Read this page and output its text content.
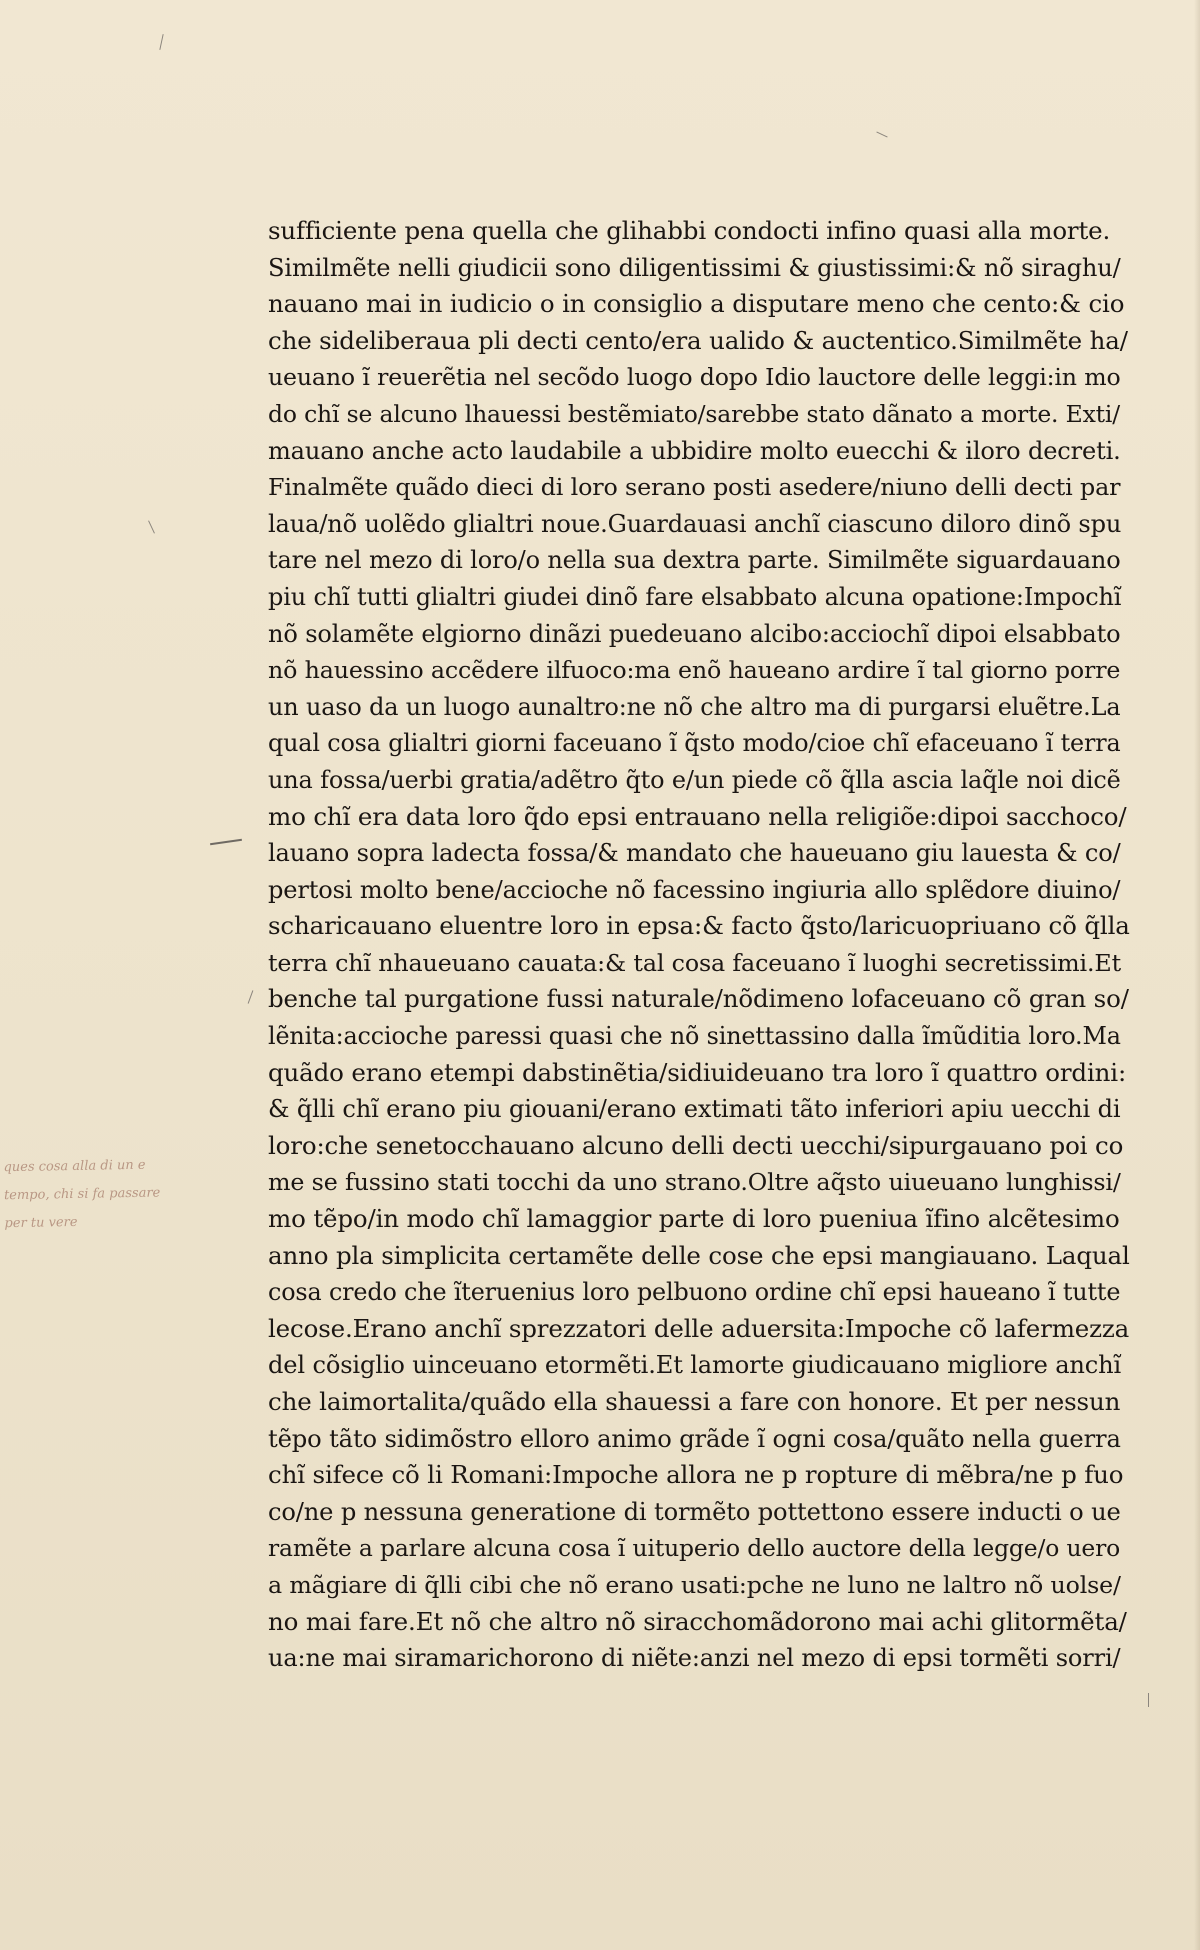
sufficiente pena quella che glihabbi condocti infino quasi alla morte.
Similmẽte nelli giudicii sono diligentissimi & giustissimi:& nõ siraghu/
nauano mai in iudicio o in consiglio a disputare meno che cento:& cio
che sideliberaua pli decti cento/era ualido & auctentico.Similmẽte ha/
ueuano ĩ reuerẽtia nel secõdo luogo dopo Idio lauctore delle leggi:in mo
do chĩ se alcuno lhauessi bestẽmiato/sarebbe stato dãnato a morte. Exti/
mauano anche acto laudabile a ubbidire molto euecchi & iloro decreti.
Finalmẽte quãdo dieci di loro serano posti asedere/niuno delli decti par
laua/nõ uolẽdo glialtri noue.Guardauasi anchĩ ciascuno diloro dinõ spu
tare nel mezo di loro/o nella sua dextra parte. Similmẽte siguardauano
piu chĩ tutti glialtri giudei dinõ fare elsabbato alcuna opatione:Impochĩ
nõ solamẽte elgiorno dinãzi puedeuano alcibo:acciochĩ dipoi elsabbato
nõ hauessino accẽdere ilfuoco:ma enõ haueano ardire ĩ tal giorno porre
un uaso da un luogo aunaltro:ne nõ che altro ma di purgarsi eluẽtre.La
qual cosa glialtri giorni faceuano ĩ q̃sto modo/cioe chĩ efaceuano ĩ terra
una fossa/uerbi gratia/adẽtro q̃to e/un piede cõ q̃lla ascia laq̃le noi dicẽ
mo chĩ era data loro q̃do epsi entrauano nella religiõe:dipoi sacchoco/
lauano sopra ladecta fossa/& mandato che haueuano giu lauesta & co/
pertosi molto bene/accioche nõ facessino ingiuria allo splẽdore diuino/
scharicauano eluentre loro in epsa:& facto q̃sto/laricuopriuano cõ q̃lla
terra chĩ nhaueuano cauata:& tal cosa faceuano ĩ luoghi secretissimi.Et
benche tal purgatione fussi naturale/nõdimeno lofaceuano cõ gran so/
lẽnita:accioche paressi quasi che nõ sinettassino dalla ĩmũditia loro.Ma
quãdo erano etempi dabstinẽtia/sidiuideuano tra loro ĩ quattro ordini:
& q̃lli chĩ erano piu giouani/erano extimati tãto inferiori apiu uecchi di
loro:che senetocchauano alcuno delli decti uecchi/sipurgauano poi co
me se fussino stati tocchi da uno strano.Oltre aq̃sto uiueuano lunghissi/
mo tẽpo/in modo chĩ lamaggior parte di loro pueniua ĩfino alcẽtesimo
anno pla simplicita certamẽte delle cose che epsi mangiauano. Laqual
cosa credo che ĩteruenius loro pelbuono ordine chĩ epsi haueano ĩ tutte
lecose.Erano anchĩ sprezzatori delle aduersita:Impoche cõ lafermezza
del cõsiglio uinceuano etormẽti.Et lamorte giudicauano migliore anchĩ
che laimortalita/quãdo ella shauessi a fare con honore. Et per nessun
tẽpo tãto sidimõstro elloro animo grãde ĩ ogni cosa/quãto nella guerra
chĩ sifece cõ li Romani:Impoche allora ne p ropture di mẽbra/ne p fuo
co/ne p nessuna generatione di tormẽto pottettono essere inducti o ue
ramẽte a parlare alcuna cosa ĩ uituperio dello auctore della legge/o uero
a mãgiare di q̃lli cibi che nõ erano usati:pche ne luno ne laltro nõ uolse/
no mai fare.Et nõ che altro nõ siracchomãdorono mai achi glitormẽta/
ua:ne mai siramarichorono di niẽte:anzi nel mezo di epsi tormẽti sorri/
ques cosa alla di un e
tempo, chi si fa passare
per tu vere
